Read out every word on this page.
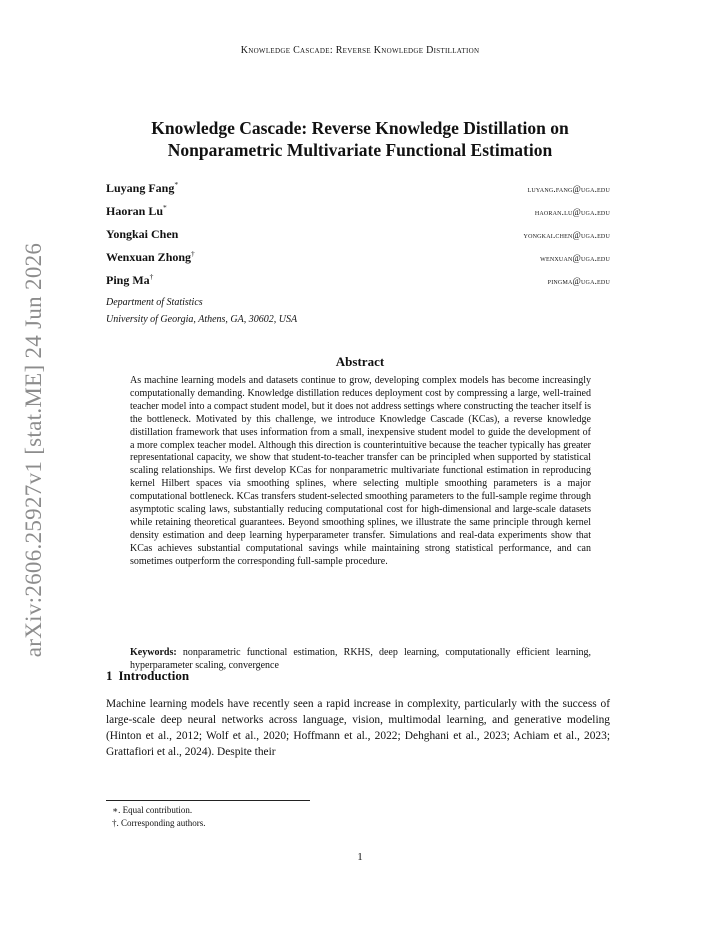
arXiv:2606.25927v1 [stat.ME] 24 Jun 2026
Knowledge Cascade: Reverse Knowledge Distillation
Knowledge Cascade: Reverse Knowledge Distillation on
Nonparametric Multivariate Functional Estimation
Luyang Fang*	luyang.fang@uga.edu
Haoran Lu*	haoran.lu@uga.edu
Yongkai Chen	yongkai.chen@uga.edu
Wenxuan Zhong†	wenxuan@uga.edu
Ping Ma†	pingma@uga.edu
Department of Statistics
University of Georgia, Athens, GA, 30602, USA
Abstract
As machine learning models and datasets continue to grow, developing complex models has become increasingly computationally demanding. Knowledge distillation reduces deployment cost by compressing a large, well-trained teacher model into a compact student model, but it does not address settings where constructing the teacher itself is the bottleneck. Motivated by this challenge, we introduce Knowledge Cascade (KCas), a reverse knowledge distillation framework that uses information from a small, inexpensive student model to guide the development of a more complex teacher model. Although this direction is counterintuitive because the teacher typically has greater representational capacity, we show that student-to-teacher transfer can be principled when supported by statistical scaling relationships. We first develop KCas for nonparametric multivariate functional estimation in reproducing kernel Hilbert spaces via smoothing splines, where selecting multiple smoothing parameters is a major computational bottleneck. KCas transfers student-selected smoothing parameters to the full-sample regime through asymptotic scaling laws, substantially reducing computational cost for high-dimensional and large-scale datasets while retaining theoretical guarantees. Beyond smoothing splines, we illustrate the same principle through kernel density estimation and deep learning hyperparameter transfer. Simulations and real-data experiments show that KCas achieves substantial computational savings while maintaining strong statistical performance, and can sometimes outperform the corresponding full-sample procedure.
Keywords: nonparametric functional estimation, RKHS, deep learning, computationally efficient learning, hyperparameter scaling, convergence
1 Introduction
Machine learning models have recently seen a rapid increase in complexity, particularly with the success of large-scale deep neural networks across language, vision, multimodal learning, and generative modeling (Hinton et al., 2012; Wolf et al., 2020; Hoffmann et al., 2022; Dehghani et al., 2023; Achiam et al., 2023; Grattafiori et al., 2024). Despite their
∗. Equal contribution.
†. Corresponding authors.
1
